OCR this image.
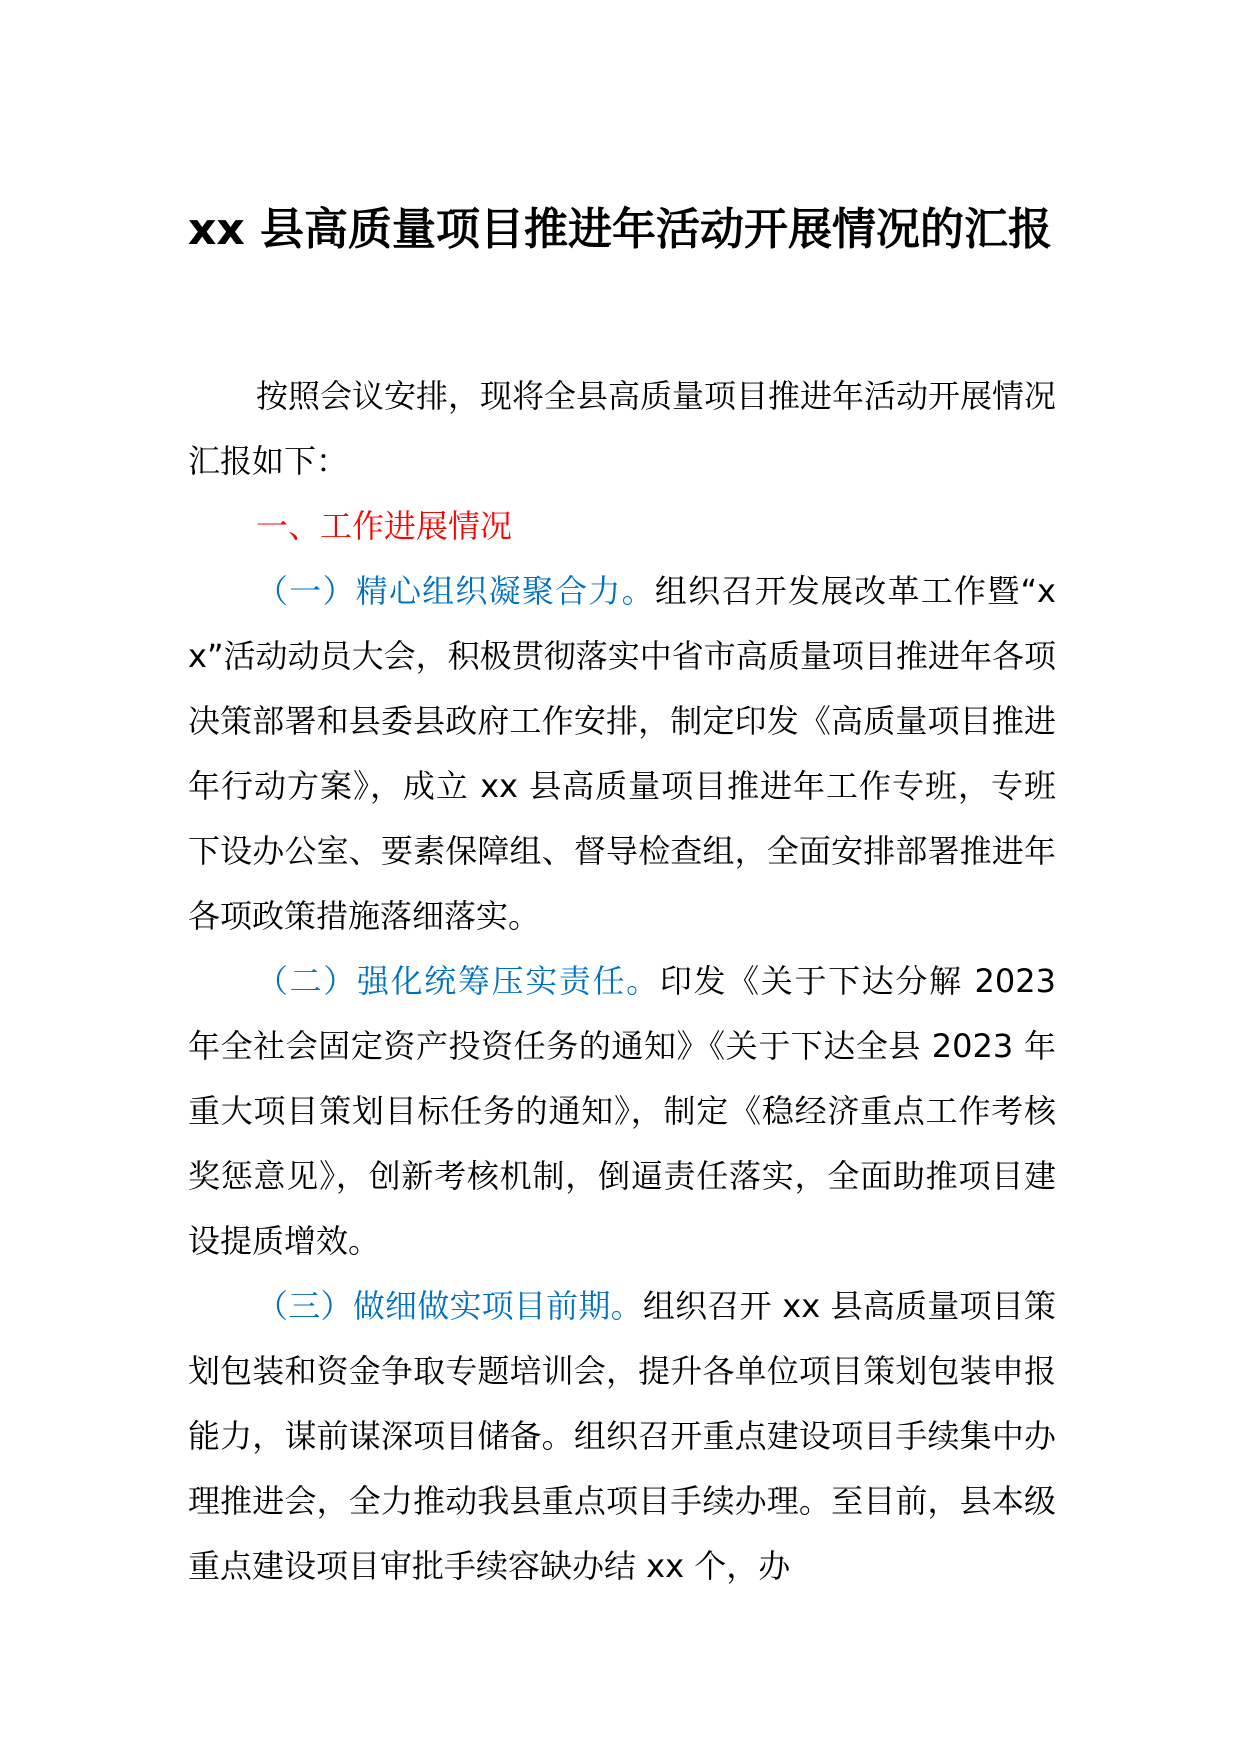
xx 县高质量项目推进年活动开展情况的汇报

按照会议安排，现将全县高质量项目推进年活动开展情况汇报如下：

一、工作进展情况

（一）精心组织凝聚合力。组织召开发展改革工作暨“xx”活动动员大会，积极贯彻落实中省市高质量项目推进年各项决策部署和县委县政府工作安排，制定印发《高质量项目推进年行动方案》，成立 xx 县高质量项目推进年工作专班，专班下设办公室、要素保障组、督导检查组，全面安排部署推进年各项政策措施落细落实。

（二）强化统筹压实责任。印发《关于下达分解 2023 年全社会固定资产投资任务的通知》《关于下达全县 2023 年重大项目策划目标任务的通知》，制定《稳经济重点工作考核奖惩意见》，创新考核机制，倒逼责任落实，全面助推项目建设提质增效。

（三）做细做实项目前期。组织召开 xx 县高质量项目策划包装和资金争取专题培训会，提升各单位项目策划包装申报能力，谋前谋深项目储备。组织召开重点建设项目手续集中办理推进会，全力推动我县重点项目手续办理。至目前，县本级重点建设项目审批手续容缺办结 xx 个，办
